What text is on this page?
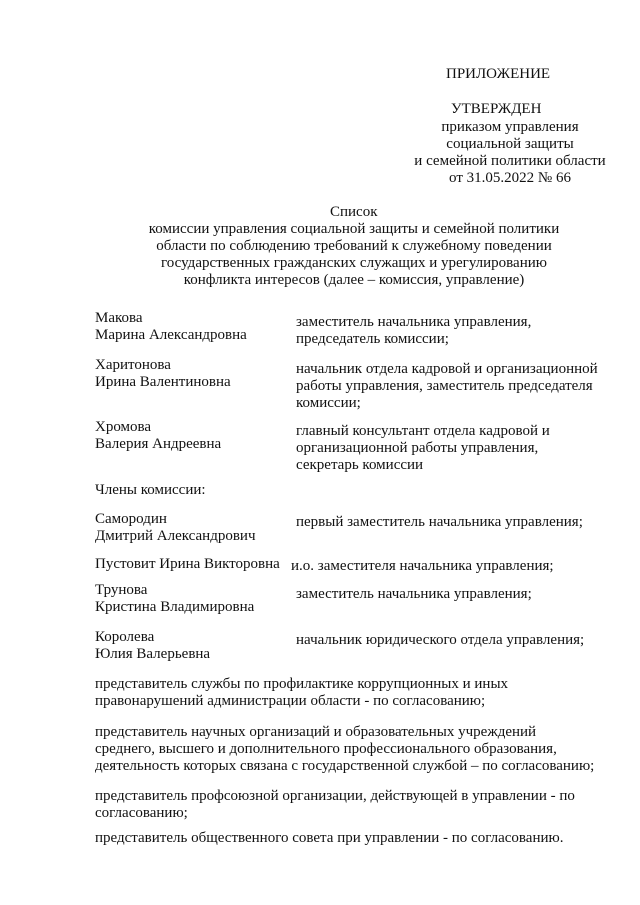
ПРИЛОЖЕНИЕ
УТВЕРЖДЕН
приказом управления
социальной защиты
и семейной политики области
от 31.05.2022 № 66
Список
комиссии управления социальной защиты и семейной политики
области по соблюдению требований к служебному поведении
государственных гражданских служащих и урегулированию
конфликта интересов (далее – комиссия, управление)
Макова
Марина Александровна
заместитель начальника управления,
председатель комиссии;
Харитонова
Ирина Валентиновна
начальник отдела кадровой и организационной
работы управления, заместитель председателя
комиссии;
Хромова
Валерия Андреевна
главный консультант отдела кадровой и
организационной работы управления,
секретарь комиссии
Члены комиссии:
Самородин
Дмитрий Александрович
первый заместитель начальника управления;
Пустовит Ирина Викторовна и.о. заместителя начальника управления;
Трунова
Кристина Владимировна
заместитель начальника управления;
Королева
Юлия Валерьевна
начальник юридического отдела управления;
представитель службы по профилактике коррупционных и иных
правонарушений администрации области - по согласованию;
представитель научных организаций и образовательных учреждений
среднего, высшего и дополнительного профессионального образования,
деятельность которых связана с государственной службой – по согласованию;
представитель профсоюзной организации, действующей в управлении - по
согласованию;
представитель общественного совета при управлении - по согласованию.
